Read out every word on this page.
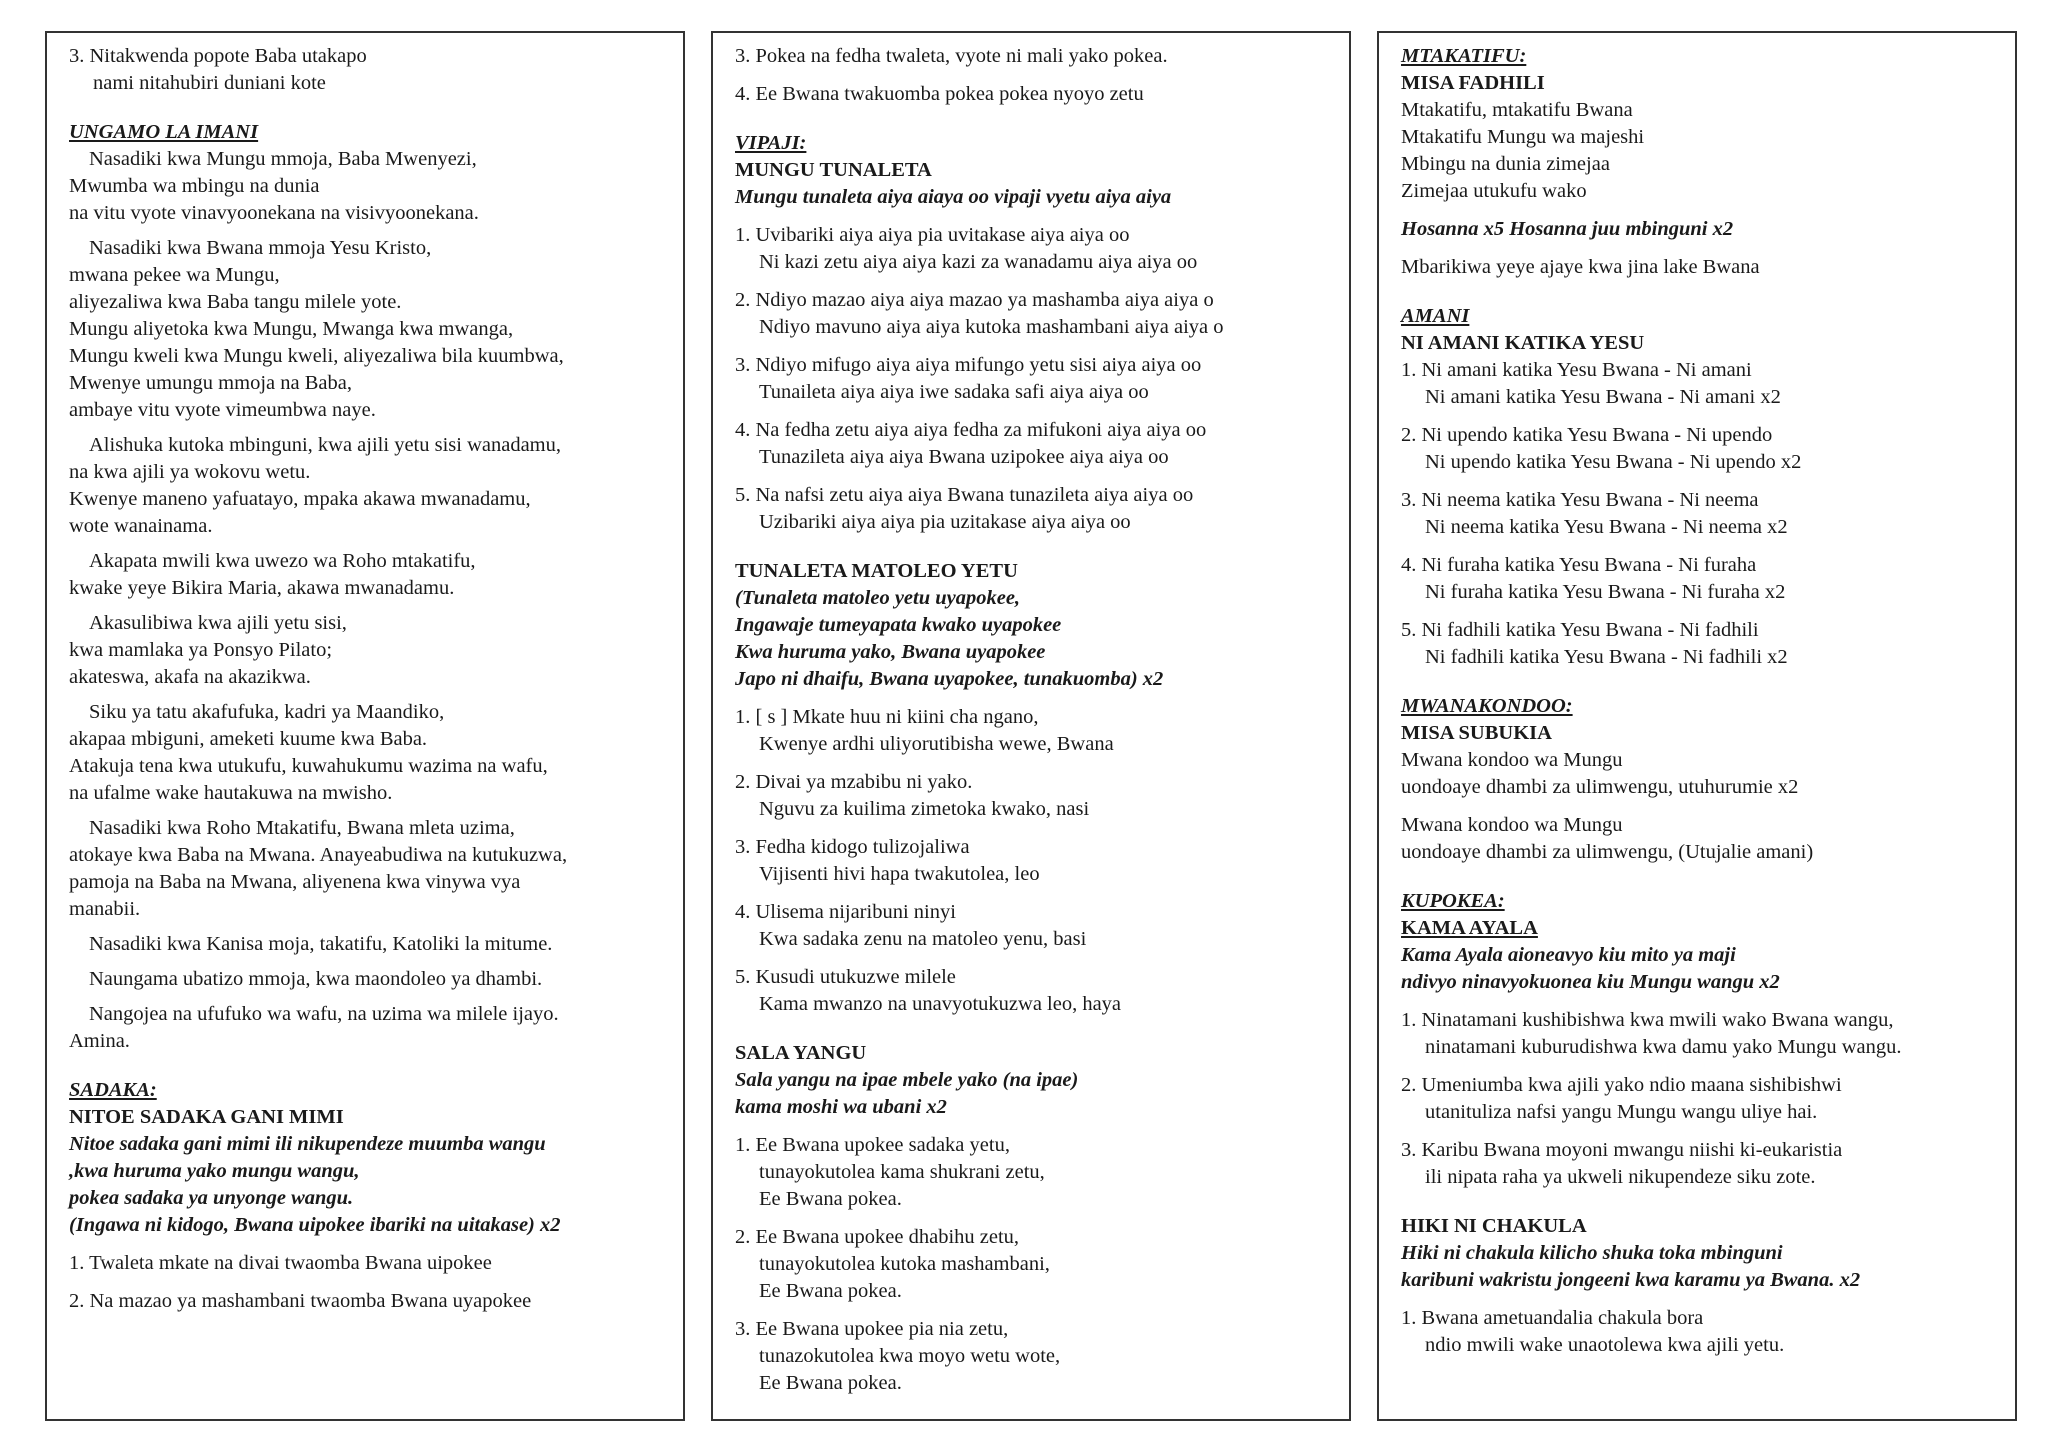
3. Nitakwenda popote Baba utakapo
nami nitahubiri duniani kote
UNGAMO LA IMANI
Nasadiki kwa Mungu mmoja, Baba Mwenyezi,
Mwumba wa mbingu na dunia
na vitu vyote vinavyoonekana na visivyoonekana.
Nasadiki kwa Bwana mmoja Yesu Kristo,
mwana pekee wa Mungu,
aliyezaliwa kwa Baba tangu milele yote.
Mungu aliyetoka kwa Mungu, Mwanga kwa mwanga,
Mungu kweli kwa Mungu kweli, aliyezaliwa bila kuumbwa,
Mwenye umungu mmoja na Baba,
ambaye vitu vyote vimeumbwa naye.
Alishuka kutoka mbinguni, kwa ajili yetu sisi wanadamu,
na kwa ajili ya wokovu wetu.
Kwenye maneno yafuatayo, mpaka akawa mwanadamu,
wote wanainama.
Akapata mwili kwa uwezo wa Roho mtakatifu,
kwake yeye Bikira Maria, akawa mwanadamu.
Akasulibiwa kwa ajili yetu sisi,
kwa mamlaka ya Ponsyo Pilato;
akateswa, akafa na akazikwa.
Siku ya tatu akafufuka, kadri ya Maandiko,
akapaa mbiguni, ameketi kuume kwa Baba.
Atakuja tena kwa utukufu, kuwahukumu wazima na wafu,
na ufalme wake hautakuwa na mwisho.
Nasadiki kwa Roho Mtakatifu, Bwana mleta uzima,
atokaye kwa Baba na Mwana. Anayeabudiwa na kutukuzwa,
pamoja na Baba na Mwana, aliyenena kwa vinywa vya
manabii.
Nasadiki kwa Kanisa moja, takatifu, Katoliki la mitume.
Naungama ubatizo mmoja, kwa maondoleo ya dhambi.
Nangojea na ufufuko wa wafu, na uzima wa milele ijayo.
Amina.
SADAKA:
NITOE SADAKA GANI MIMI
Nitoe sadaka gani mimi ili nikupendeze muumba wangu
,kwa huruma yako mungu wangu,
pokea sadaka ya unyonge wangu.
(Ingawa ni kidogo, Bwana uipokee ibariki na uitakase) x2
1. Twaleta mkate na divai twaomba Bwana uipokee
2. Na mazao ya mashambani twaomba Bwana uyapokee
3. Pokea na fedha twaleta, vyote ni mali yako pokea.
4. Ee Bwana twakuomba pokea pokea nyoyo zetu
VIPAJI:
MUNGU TUNALETA
Mungu tunaleta aiya aiaya oo vipaji vyetu aiya aiya
1. Uvibariki aiya aiya pia uvitakase aiya aiya oo
Ni kazi zetu aiya aiya kazi za wanadamu aiya aiya oo
2. Ndiyo mazao aiya aiya mazao ya mashamba aiya aiya o
Ndiyo mavuno aiya aiya kutoka mashambani aiya aiya o
3. Ndiyo mifugo aiya aiya mifungo yetu sisi aiya aiya oo
Tunaileta aiya aiya iwe sadaka safi aiya aiya oo
4. Na fedha zetu aiya aiya fedha za mifukoni aiya aiya oo
Tunazileta aiya aiya Bwana uzipokee aiya aiya oo
5. Na nafsi zetu aiya aiya Bwana tunazileta aiya aiya oo
Uzibariki aiya aiya pia uzitakase aiya aiya oo
TUNALETA MATOLEO YETU
(Tunaleta matoleo yetu uyapokee,
Ingawaje tumeyapata kwako uyapokee
Kwa huruma yako, Bwana uyapokee
Japo ni dhaifu, Bwana uyapokee, tunakuomba) x2
1. [ s ] Mkate huu ni kiini cha ngano,
Kwenye ardhi uliyorutibisha wewe, Bwana
2. Divai ya mzabibu ni yako.
Nguvu za kuilima zimetoka kwako, nasi
3. Fedha kidogo tulizojaliwa
Vijisenti hivi hapa twakutolea, leo
4. Ulisema nijaribuni ninyi
Kwa sadaka zenu na matoleo yenu, basi
5. Kusudi utukuzwe milele
Kama mwanzo na unavyotukuzwa leo, haya
SALA YANGU
Sala yangu na ipae mbele yako (na ipae)
kama moshi wa ubani x2
1. Ee Bwana upokee sadaka yetu,
tunayokutolea kama shukrani zetu,
Ee Bwana pokea.
2. Ee Bwana upokee dhabihu zetu,
tunayokutolea kutoka mashambani,
Ee Bwana pokea.
3. Ee Bwana upokee pia nia zetu,
tunazokutolea kwa moyo wetu wote,
Ee Bwana pokea.
MTAKATIFU:
MISA FADHILI
Mtakatifu, mtakatifu Bwana
Mtakatifu Mungu wa majeshi
Mbingu na dunia zimejaa
Zimejaa utukufu wako
Hosanna x5 Hosanna juu mbinguni x2
Mbarikiwa yeye ajaye kwa jina lake Bwana
AMANI
NI AMANI KATIKA YESU
1. Ni amani katika Yesu Bwana - Ni amani
Ni amani katika Yesu Bwana - Ni amani x2
2. Ni upendo katika Yesu Bwana - Ni upendo
Ni upendo katika Yesu Bwana - Ni upendo x2
3. Ni neema katika Yesu Bwana - Ni neema
Ni neema katika Yesu Bwana - Ni neema x2
4. Ni furaha katika Yesu Bwana - Ni furaha
Ni furaha katika Yesu Bwana - Ni furaha x2
5. Ni fadhili katika Yesu Bwana - Ni fadhili
Ni fadhili katika Yesu Bwana - Ni fadhili x2
MWANAKONDOO:
MISA SUBUKIA
Mwana kondoo wa Mungu
uondoaye dhambi za ulimwengu, utuhurumie x2
Mwana kondoo wa Mungu
uondoaye dhambi za ulimwengu, (Utujalie amani)
KUPOKEA:
KAMA AYALA
Kama Ayala aioneavyo kiu mito ya maji
ndivyo ninavyokuonea kiu Mungu wangu x2
1. Ninatamani kushibishwa kwa mwili wako Bwana wangu,
ninatamani kuburudishwa kwa damu yako Mungu wangu.
2. Umeniumba kwa ajili yako ndio maana sishibishwi
utanituliza nafsi yangu Mungu wangu uliye hai.
3. Karibu Bwana moyoni mwangu niishi ki-eukaristia
ili nipata raha ya ukweli nikupendeze siku zote.
HIKI NI CHAKULA
Hiki ni chakula kilicho shuka toka mbinguni
karibuni wakristu jongeeni kwa karamu ya Bwana. x2
1. Bwana ametuandalia chakula bora
ndio mwili wake unaotolewa kwa ajili yetu.
